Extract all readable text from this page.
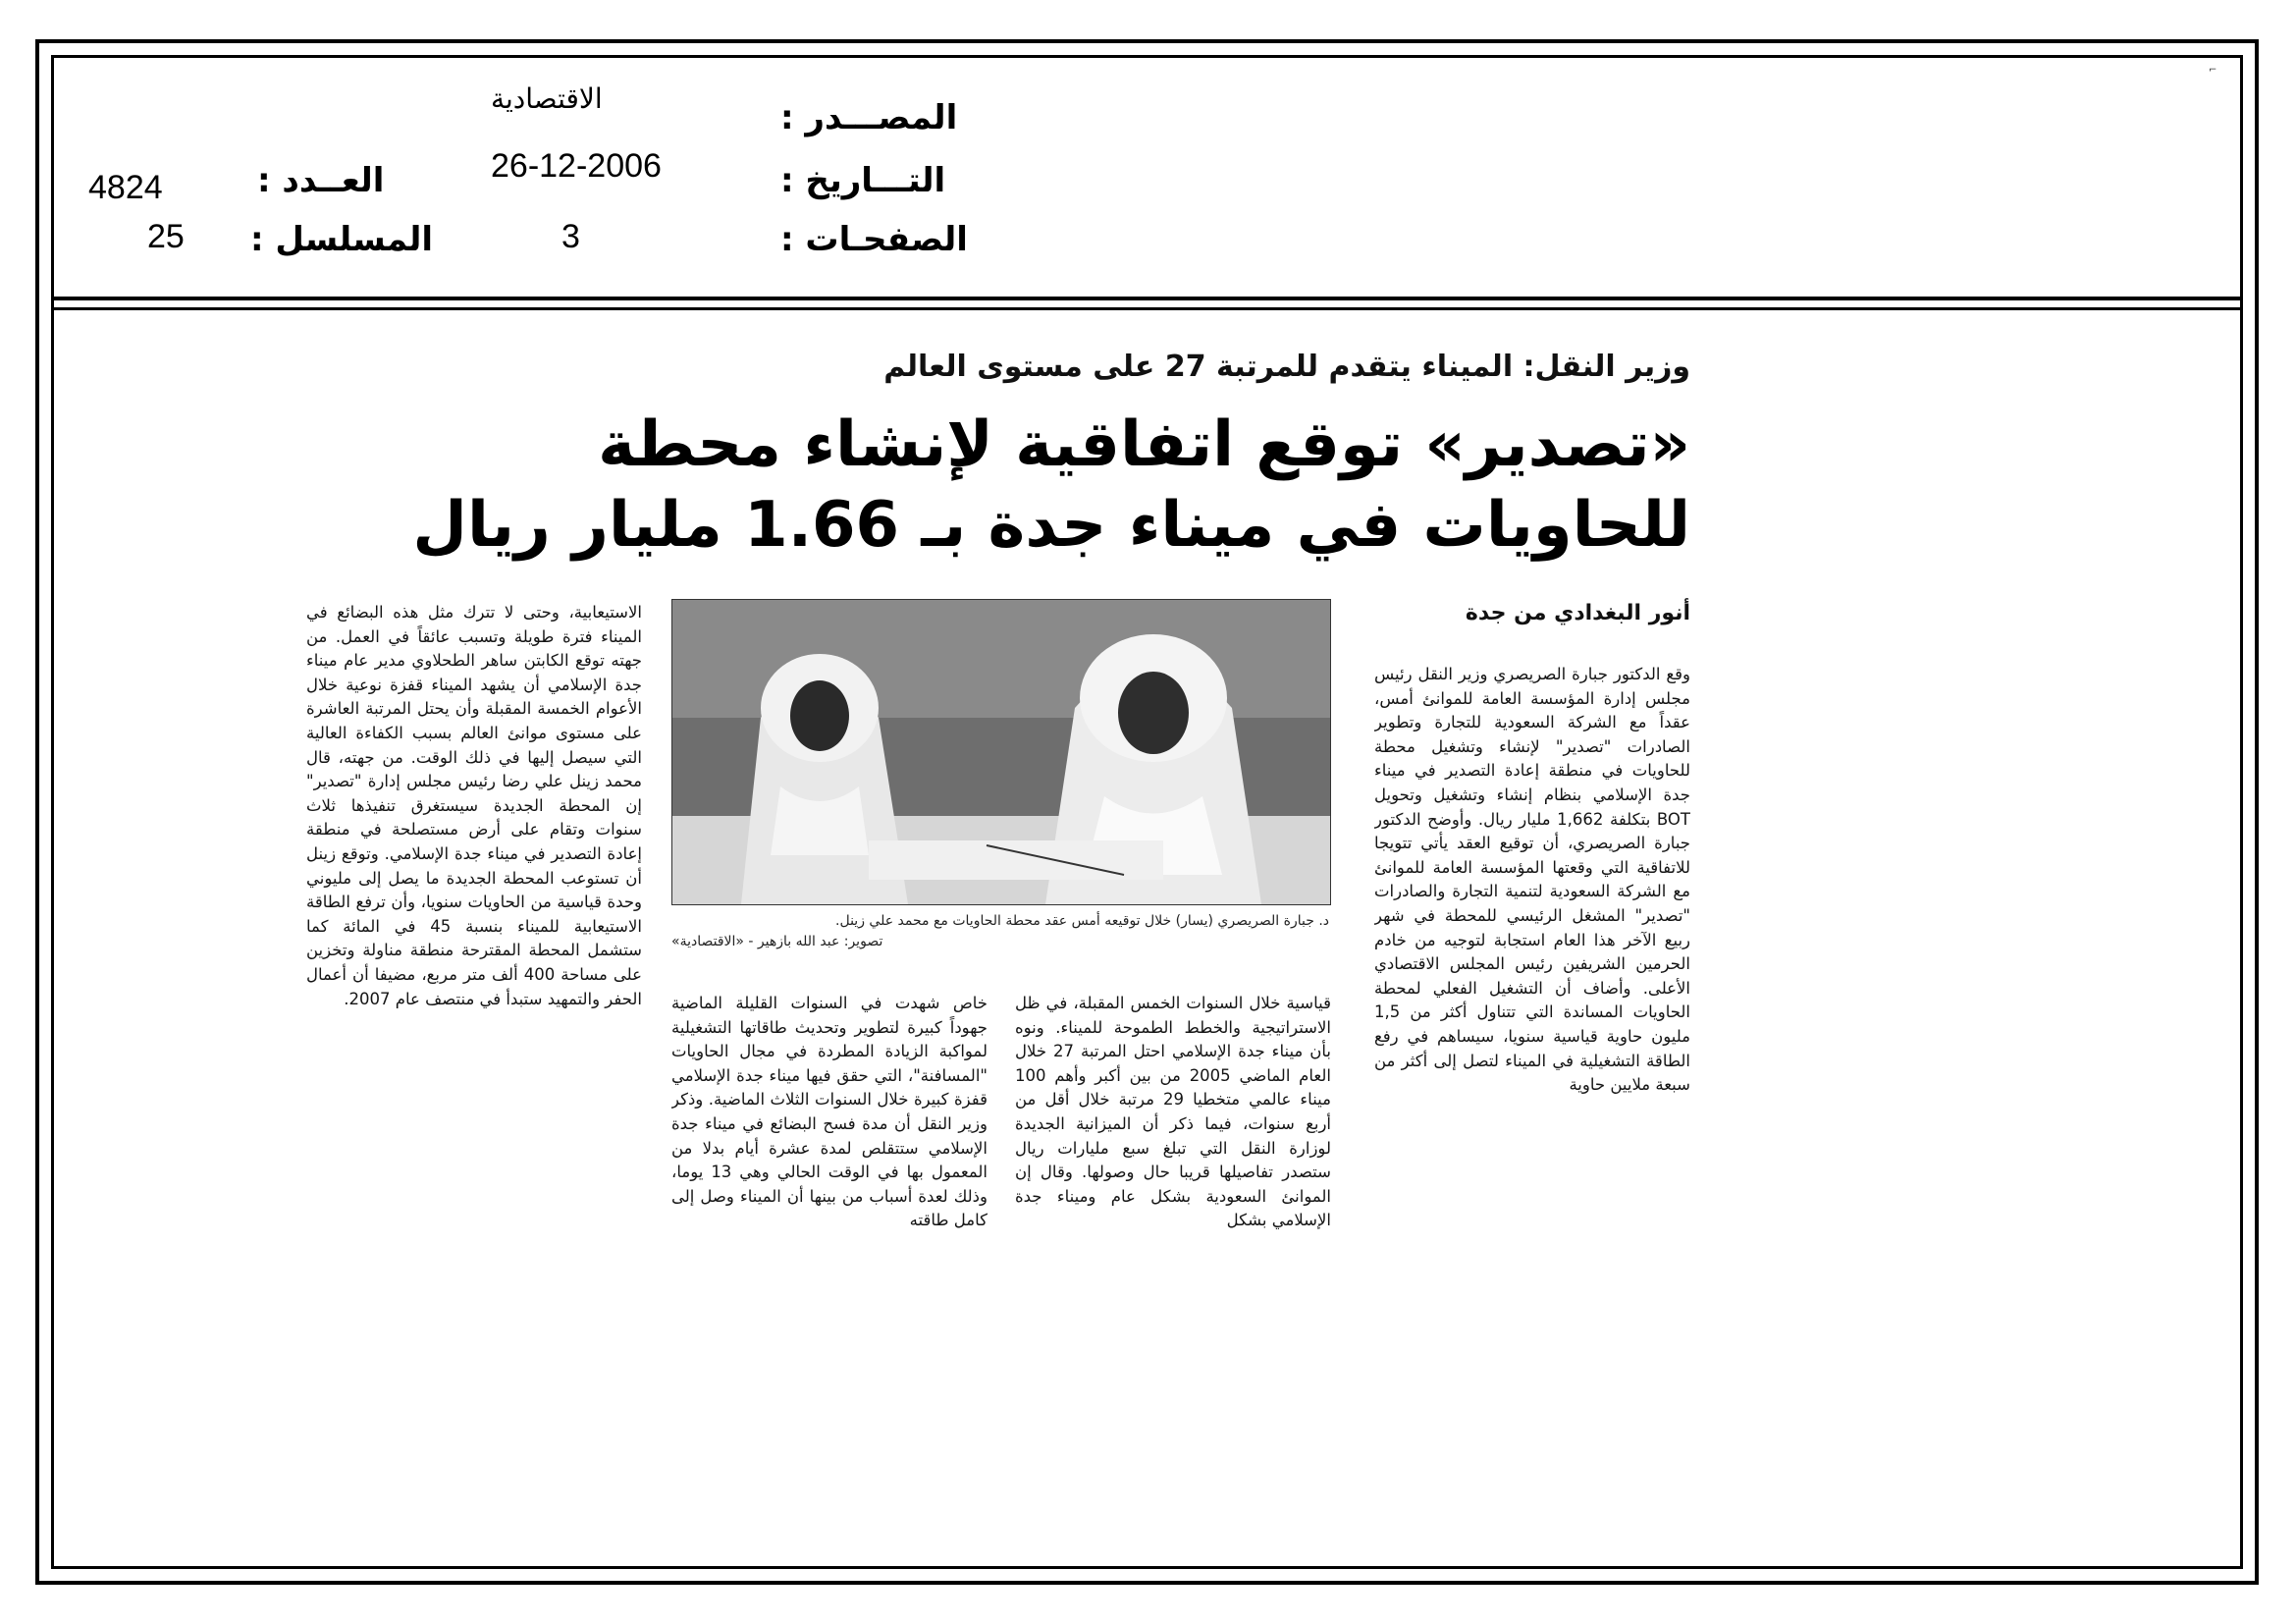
⌐
المصـــدر :
الاقتصادية
التـــاريخ :
26-12-2006
الصفحـات :
3
العــدد :
4824
المسلسل :
25
وزير النقل: الميناء يتقدم للمرتبة 27 على مستوى العالم
«تصدير» توقع اتفاقية لإنشاء محطة للحاويات في ميناء جدة بـ 1.66 مليار ريال
أنور البغدادي من جدة

وقع الدكتور جبارة الصريصري وزير النقل رئيس مجلس إدارة المؤسسة العامة للموانئ أمس، عقداً مع الشركة السعودية للتجارة وتطوير الصادرات "تصدير" لإنشاء وتشغيل محطة للحاويات في منطقة إعادة التصدير في ميناء جدة الإسلامي بنظام إنشاء وتشغيل وتحويل BOT بتكلفة 1,662 مليار ريال. وأوضح الدكتور جبارة الصريصري، أن توقيع العقد يأتي تتويجا للاتفاقية التي وقعتها المؤسسة العامة للموانئ مع الشركة السعودية لتنمية التجارة والصادرات "تصدير" المشغل الرئيسي للمحطة في شهر ربيع الآخر هذا العام استجابة لتوجيه من خادم الحرمين الشريفين رئيس المجلس الاقتصادي الأعلى. وأضاف أن التشغيل الفعلي لمحطة الحاويات المساندة التي تتناول أكثر من 1,5 مليون حاوية قياسية سنويا، سيساهم في رفع الطاقة التشغيلية في الميناء لتصل إلى أكثر من سبعة ملايين حاوية

د. جبارة الصريصري (يسار) خلال توقيعه أمس عقد محطة الحاويات مع محمد علي زينل.
تصوير: عبد الله بازهير - «الاقتصادية»

قياسية خلال السنوات الخمس المقبلة، في ظل الاستراتيجية والخطط الطموحة للميناء. ونوه بأن ميناء جدة الإسلامي احتل المرتبة 27 خلال العام الماضي 2005 من بين أكبر وأهم 100 ميناء عالمي متخطيا 29 مرتبة خلال أقل من أربع سنوات، فيما ذكر أن الميزانية الجديدة لوزارة النقل التي تبلغ سبع مليارات ريال ستصدر تفاصيلها قريبا حال وصولها. وقال إن الموانئ السعودية بشكل عام وميناء جدة الإسلامي بشكل

خاص شهدت في السنوات القليلة الماضية جهوداً كبيرة لتطوير وتحديث طاقاتها التشغيلية لمواكبة الزيادة المطردة في مجال الحاويات "المسافنة"، التي حقق فيها ميناء جدة الإسلامي قفزة كبيرة خلال السنوات الثلاث الماضية. وذكر وزير النقل أن مدة فسح البضائع في ميناء جدة الإسلامي ستتقلص لمدة عشرة أيام بدلا من المعمول بها في الوقت الحالي وهي 13 يوما، وذلك لعدة أسباب من بينها أن الميناء وصل إلى كامل طاقته

الاستيعابية، وحتى لا تترك مثل هذه البضائع في الميناء فترة طويلة وتسبب عائقاً في العمل. من جهته توقع الكابتن ساهر الطحلاوي مدير عام ميناء جدة الإسلامي أن يشهد الميناء قفزة نوعية خلال الأعوام الخمسة المقبلة وأن يحتل المرتبة العاشرة على مستوى موانئ العالم بسبب الكفاءة العالية التي سيصل إليها في ذلك الوقت. من جهته، قال محمد زينل علي رضا رئيس مجلس إدارة "تصدير" إن المحطة الجديدة سيستغرق تنفيذها ثلاث سنوات وتقام على أرض مستصلحة في منطقة إعادة التصدير في ميناء جدة الإسلامي. وتوقع زينل أن تستوعب المحطة الجديدة ما يصل إلى مليوني وحدة قياسية من الحاويات سنويا، وأن ترفع الطاقة الاستيعابية للميناء بنسبة 45 في المائة كما ستشمل المحطة المقترحة منطقة مناولة وتخزين على مساحة 400 ألف متر مربع، مضيفا أن أعمال الحفر والتمهيد ستبدأ في منتصف عام 2007.
